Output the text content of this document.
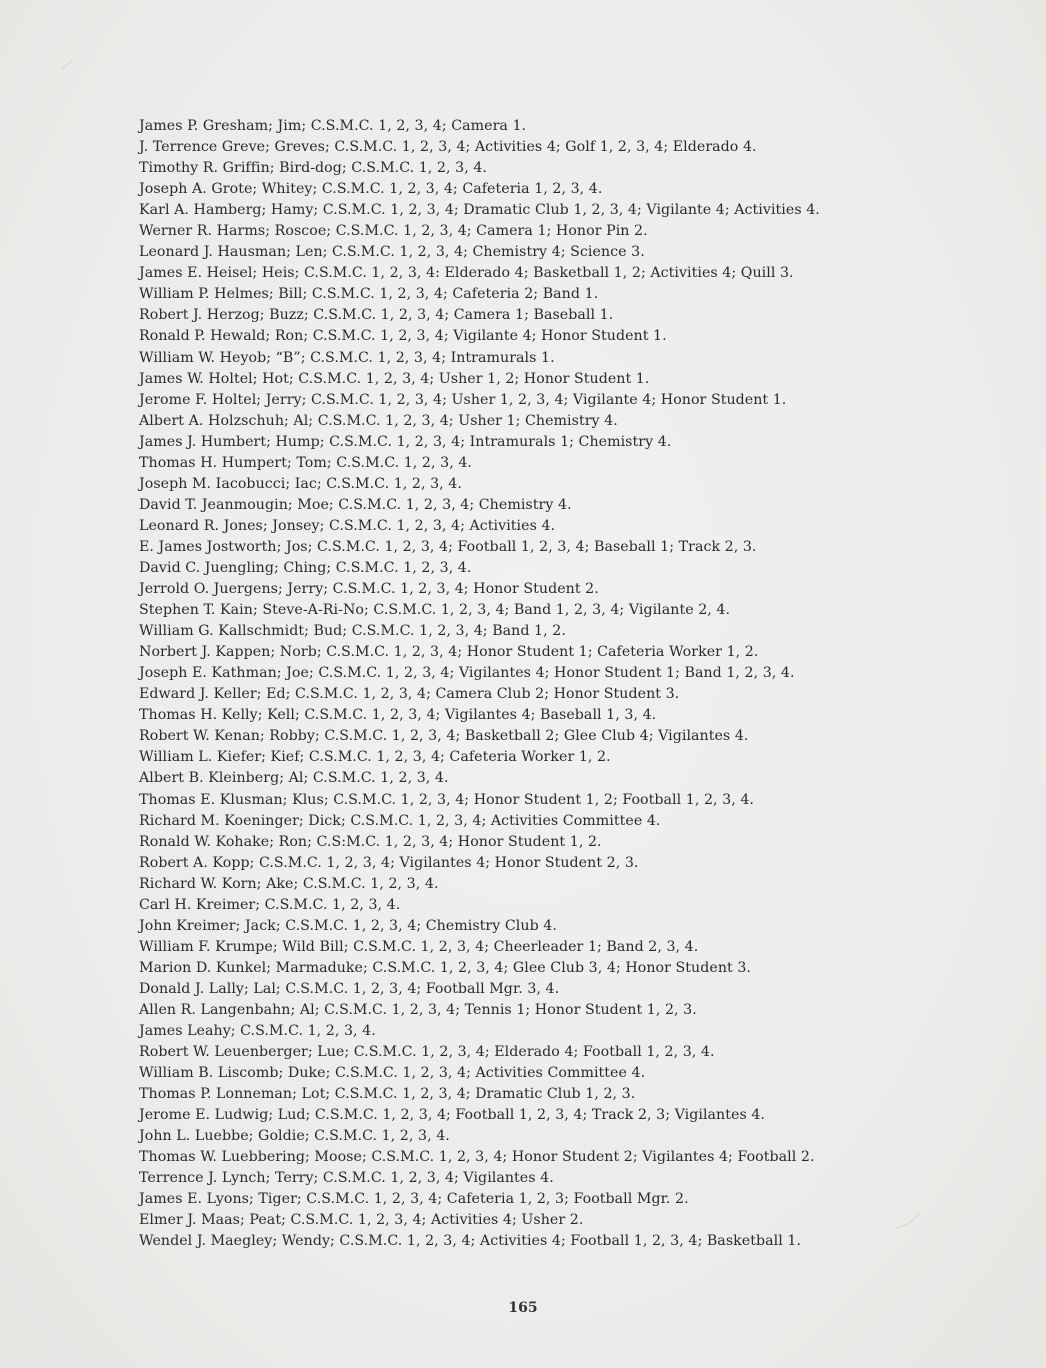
James P. Gresham; Jim; C.S.M.C. 1, 2, 3, 4; Camera 1.
J. Terrence Greve; Greves; C.S.M.C. 1, 2, 3, 4; Activities 4; Golf 1, 2, 3, 4; Elderado 4.
Timothy R. Griffin; Bird-dog; C.S.M.C. 1, 2, 3, 4.
Joseph A. Grote; Whitey; C.S.M.C. 1, 2, 3, 4; Cafeteria 1, 2, 3, 4.
Karl A. Hamberg; Hamy; C.S.M.C. 1, 2, 3, 4; Dramatic Club 1, 2, 3, 4; Vigilante 4; Activities 4.
Werner R. Harms; Roscoe; C.S.M.C. 1, 2, 3, 4; Camera 1; Honor Pin 2.
Leonard J. Hausman; Len; C.S.M.C. 1, 2, 3, 4; Chemistry 4; Science 3.
James E. Heisel; Heis; C.S.M.C. 1, 2, 3, 4: Elderado 4; Basketball 1, 2; Activities 4; Quill 3.
William P. Helmes; Bill; C.S.M.C. 1, 2, 3, 4; Cafeteria 2; Band 1.
Robert J. Herzog; Buzz; C.S.M.C. 1, 2, 3, 4; Camera 1; Baseball 1.
Ronald P. Hewald; Ron; C.S.M.C. 1, 2, 3, 4; Vigilante 4; Honor Student 1.
William W. Heyob; “B”; C.S.M.C. 1, 2, 3, 4; Intramurals 1.
James W. Holtel; Hot; C.S.M.C. 1, 2, 3, 4; Usher 1, 2; Honor Student 1.
Jerome F. Holtel; Jerry; C.S.M.C. 1, 2, 3, 4; Usher 1, 2, 3, 4; Vigilante 4; Honor Student 1.
Albert A. Holzschuh; Al; C.S.M.C. 1, 2, 3, 4; Usher 1; Chemistry 4.
James J. Humbert; Hump; C.S.M.C. 1, 2, 3, 4; Intramurals 1; Chemistry 4.
Thomas H. Humpert; Tom; C.S.M.C. 1, 2, 3, 4.
Joseph M. Iacobucci; Iac; C.S.M.C. 1, 2, 3, 4.
David T. Jeanmougin; Moe; C.S.M.C. 1, 2, 3, 4; Chemistry 4.
Leonard R. Jones; Jonsey; C.S.M.C. 1, 2, 3, 4; Activities 4.
E. James Jostworth; Jos; C.S.M.C. 1, 2, 3, 4; Football 1, 2, 3, 4; Baseball 1; Track 2, 3.
David C. Juengling; Ching; C.S.M.C. 1, 2, 3, 4.
Jerrold O. Juergens; Jerry; C.S.M.C. 1, 2, 3, 4; Honor Student 2.
Stephen T. Kain; Steve-A-Ri-No; C.S.M.C. 1, 2, 3, 4; Band 1, 2, 3, 4; Vigilante 2, 4.
William G. Kallschmidt; Bud; C.S.M.C. 1, 2, 3, 4; Band 1, 2.
Norbert J. Kappen; Norb; C.S.M.C. 1, 2, 3, 4; Honor Student 1; Cafeteria Worker 1, 2.
Joseph E. Kathman; Joe; C.S.M.C. 1, 2, 3, 4; Vigilantes 4; Honor Student 1; Band 1, 2, 3, 4.
Edward J. Keller; Ed; C.S.M.C. 1, 2, 3, 4; Camera Club 2; Honor Student 3.
Thomas H. Kelly; Kell; C.S.M.C. 1, 2, 3, 4; Vigilantes 4; Baseball 1, 3, 4.
Robert W. Kenan; Robby; C.S.M.C. 1, 2, 3, 4; Basketball 2; Glee Club 4; Vigilantes 4.
William L. Kiefer; Kief; C.S.M.C. 1, 2, 3, 4; Cafeteria Worker 1, 2.
Albert B. Kleinberg; Al; C.S.M.C. 1, 2, 3, 4.
Thomas E. Klusman; Klus; C.S.M.C. 1, 2, 3, 4; Honor Student 1, 2; Football 1, 2, 3, 4.
Richard M. Koeninger; Dick; C.S.M.C. 1, 2, 3, 4; Activities Committee 4.
Ronald W. Kohake; Ron; C.S:M.C. 1, 2, 3, 4; Honor Student 1, 2.
Robert A. Kopp; C.S.M.C. 1, 2, 3, 4; Vigilantes 4; Honor Student 2, 3.
Richard W. Korn; Ake; C.S.M.C. 1, 2, 3, 4.
Carl H. Kreimer; C.S.M.C. 1, 2, 3, 4.
John Kreimer; Jack; C.S.M.C. 1, 2, 3, 4; Chemistry Club 4.
William F. Krumpe; Wild Bill; C.S.M.C. 1, 2, 3, 4; Cheerleader 1; Band 2, 3, 4.
Marion D. Kunkel; Marmaduke; C.S.M.C. 1, 2, 3, 4; Glee Club 3, 4; Honor Student 3.
Donald J. Lally; Lal; C.S.M.C. 1, 2, 3, 4; Football Mgr. 3, 4.
Allen R. Langenbahn; Al; C.S.M.C. 1, 2, 3, 4; Tennis 1; Honor Student 1, 2, 3.
James Leahy; C.S.M.C. 1, 2, 3, 4.
Robert W. Leuenberger; Lue; C.S.M.C. 1, 2, 3, 4; Elderado 4; Football 1, 2, 3, 4.
William B. Liscomb; Duke; C.S.M.C. 1, 2, 3, 4; Activities Committee 4.
Thomas P. Lonneman; Lot; C.S.M.C. 1, 2, 3, 4; Dramatic Club 1, 2, 3.
Jerome E. Ludwig; Lud; C.S.M.C. 1, 2, 3, 4; Football 1, 2, 3, 4; Track 2, 3; Vigilantes 4.
John L. Luebbe; Goldie; C.S.M.C. 1, 2, 3, 4.
Thomas W. Luebbering; Moose; C.S.M.C. 1, 2, 3, 4; Honor Student 2; Vigilantes 4; Football 2.
Terrence J. Lynch; Terry; C.S.M.C. 1, 2, 3, 4; Vigilantes 4.
James E. Lyons; Tiger; C.S.M.C. 1, 2, 3, 4; Cafeteria 1, 2, 3; Football Mgr. 2.
Elmer J. Maas; Peat; C.S.M.C. 1, 2, 3, 4; Activities 4; Usher 2.
Wendel J. Maegley; Wendy; C.S.M.C. 1, 2, 3, 4; Activities 4; Football 1, 2, 3, 4; Basketball 1.
165
